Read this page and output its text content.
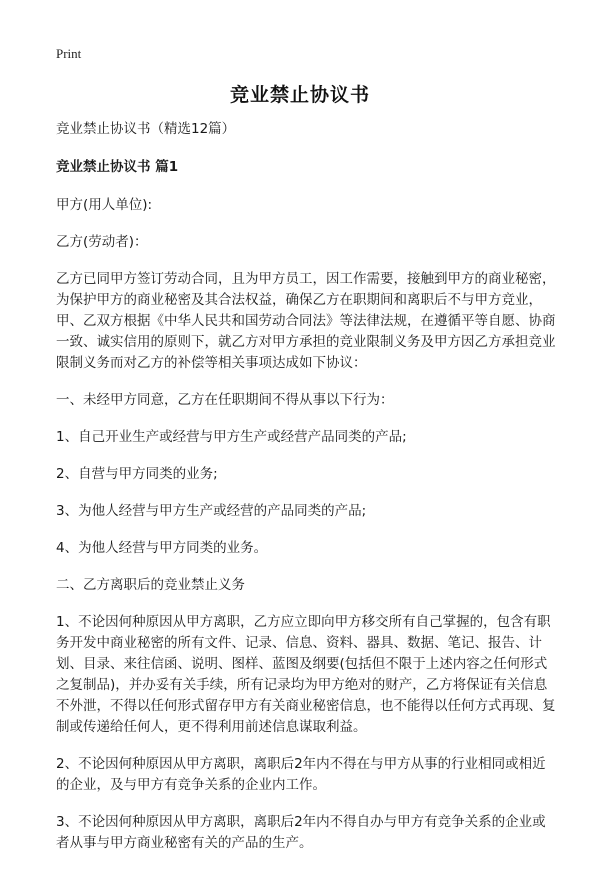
Print
竞业禁止协议书

竞业禁止协议书（精选12篇）

竞业禁止协议书 篇1

甲方(用人单位):

乙方(劳动者)：

乙方已同甲方签订劳动合同，且为甲方员工，因工作需要，接触到甲方的商业秘密，为保护甲方的商业秘密及其合法权益，确保乙方在职期间和离职后不与甲方竞业，甲、乙双方根据《中华人民共和国劳动合同法》等法律法规，在遵循平等自愿、协商一致、诚实信用的原则下，就乙方对甲方承担的竞业限制义务及甲方因乙方承担竞业限制义务而对乙方的补偿等相关事项达成如下协议：

一、未经甲方同意，乙方在任职期间不得从事以下行为：

1、自己开业生产或经营与甲方生产或经营产品同类的产品;

2、自营与甲方同类的业务;

3、为他人经营与甲方生产或经营的产品同类的产品;

4、为他人经营与甲方同类的业务。

二、乙方离职后的竞业禁止义务

1、不论因何种原因从甲方离职，乙方应立即向甲方移交所有自己掌握的，包含有职务开发中商业秘密的所有文件、记录、信息、资料、器具、数据、笔记、报告、计划、目录、来往信函、说明、图样、蓝图及纲要(包括但不限于上述内容之任何形式之复制品)，并办妥有关手续，所有记录均为甲方绝对的财产，乙方将保证有关信息不外泄，不得以任何形式留存甲方有关商业秘密信息，也不能得以任何方式再现、复制或传递给任何人，更不得利用前述信息谋取利益。

2、不论因何种原因从甲方离职，离职后2年内不得在与甲方从事的行业相同或相近的企业，及与甲方有竞争关系的企业内工作。

3、不论因何种原因从甲方离职，离职后2年内不得自办与甲方有竞争关系的企业或者从事与甲方商业秘密有关的产品的生产。
